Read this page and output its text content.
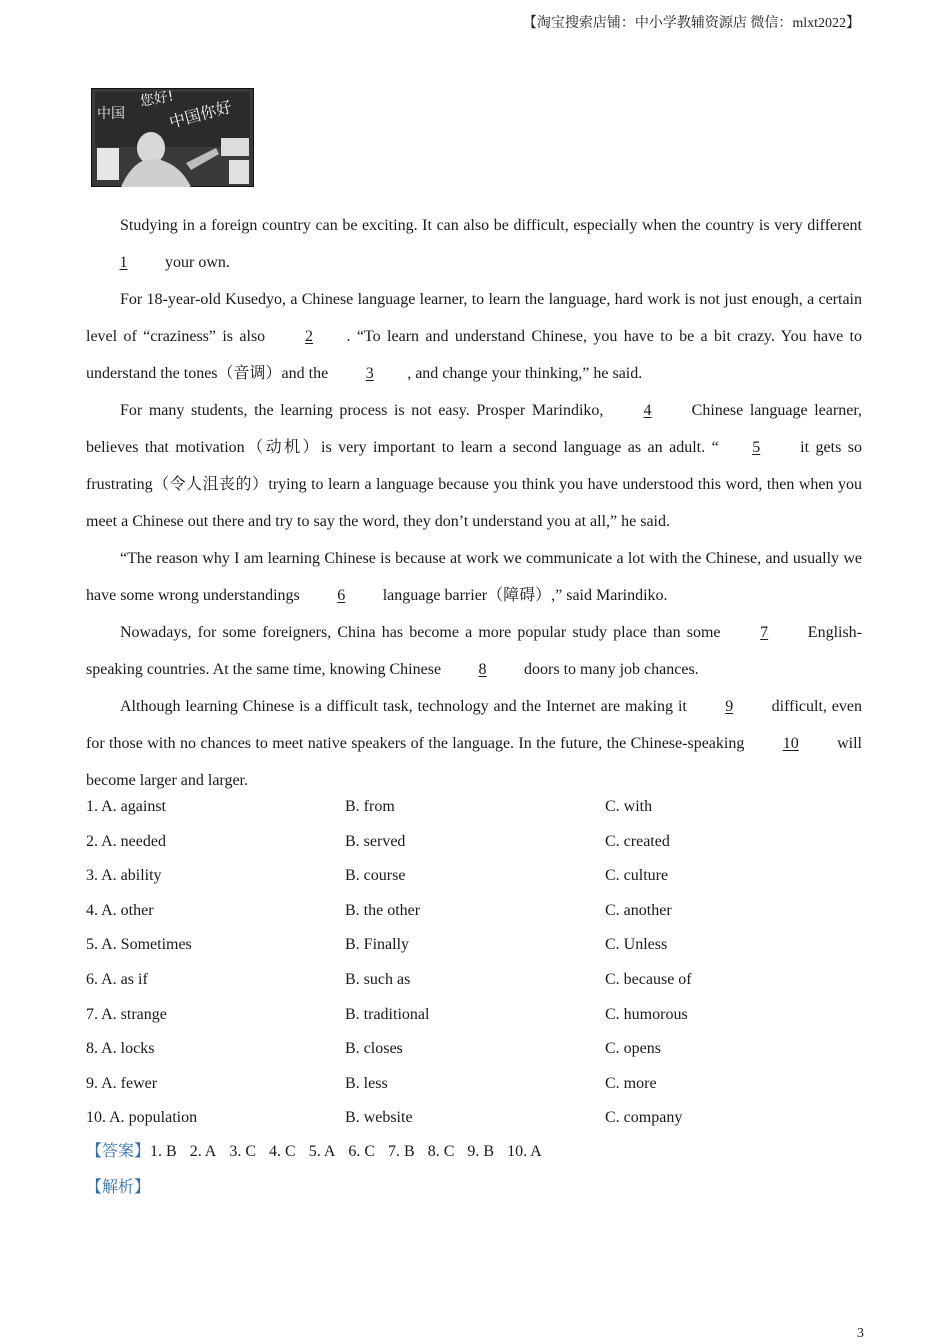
【淘宝搜索店铺：中小学教辅资源店 微信：mlxt2022】
中国
您好!
中国你好

Studying in a foreign country can be exciting. It can also be difficult, especially when the country is very different 1 your own.

For 18-year-old Kusedyo, a Chinese language learner, to learn the language, hard work is not just enough, a certain level of “craziness” is also 2 . “To learn and understand Chinese, you have to be a bit crazy. You have to understand the tones（音调）and the 3 , and change your thinking,” he said.

For many students, the learning process is not easy. Prosper Marindiko, 4 Chinese language learner, believes that motivation（动机）is very important to learn a second language as an adult. “ 5 it gets so frustrating（令人沮丧的）trying to learn a language because you think you have understood this word, then when you meet a Chinese out there and try to say the word, they don’t understand you at all,” he said.

“The reason why I am learning Chinese is because at work we communicate a lot with the Chinese, and usually we have some wrong understandings 6 language barrier（障碍）,” said Marindiko.

Nowadays, for some foreigners, China has become a more popular study place than some 7 English-speaking countries. At the same time, knowing Chinese 8 doors to many job chances.

Although learning Chinese is a difficult task, technology and the Internet are making it 9 difficult, even for those with no chances to meet native speakers of the language. In the future, the Chinese-speaking 10 will become larger and larger.

1. A. against	B. from	C. with
2. A. needed	B. served	C. created
3. A. ability	B. course	C. culture
4. A. other	B. the other	C. another
5. A. Sometimes	B. Finally	C. Unless
6. A. as if	B. such as	C. because of
7. A. strange	B. traditional	C. humorous
8. A. locks	B. closes	C. opens
9. A. fewer	B. less	C. more
10. A. population	B. website	C. company
【答案】1. B 2. A 3. C 4. C 5. A 6. C 7. B 8. C 9. B 10. A
【解析】
3
